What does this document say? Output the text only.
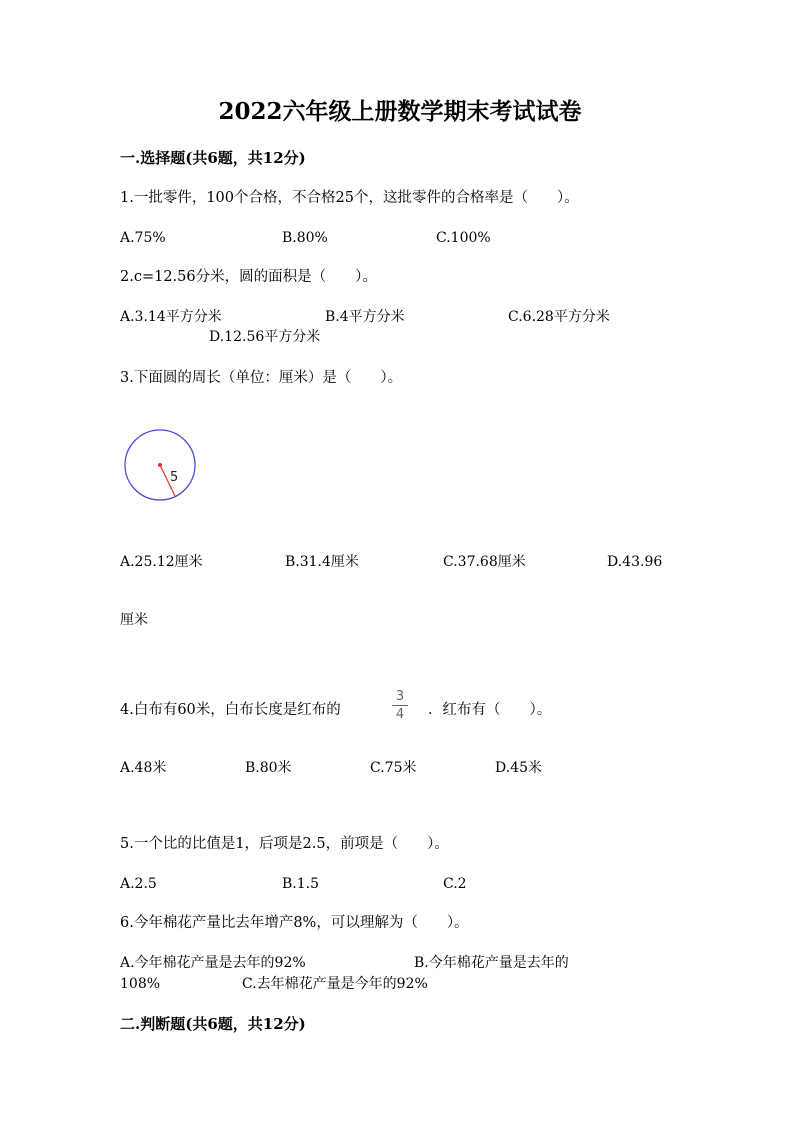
2022六年级上册数学期末考试试卷
一.选择题(共6题，共12分)
1.一批零件，100个合格，不合格25个，这批零件的合格率是（　　）。
A.75%	B.80%	C.100%
2.c=12.56分米，圆的面积是（　　）。
A.3.14平方分米	B.4平方分米	C.6.28平方分米
D.12.56平方分米
3.下面圆的周长（单位：厘米）是（　　）。
5
A.25.12厘米	B.31.4厘米	C.37.68厘米	D.43.96
厘米
4.白布有60米，白布长度是红布的
3
4	．红布有（　　）。
A.48米	B.80米	C.75米	D.45米
5.一个比的比值是1，后项是2.5，前项是（　　）。
A.2.5	B.1.5	C.2
6.今年棉花产量比去年增产8%，可以理解为（　　）。
A.今年棉花产量是去年的92%	B.今年棉花产量是去年的
108%	C.去年棉花产量是今年的92%
二.判断题(共6题，共12分)
